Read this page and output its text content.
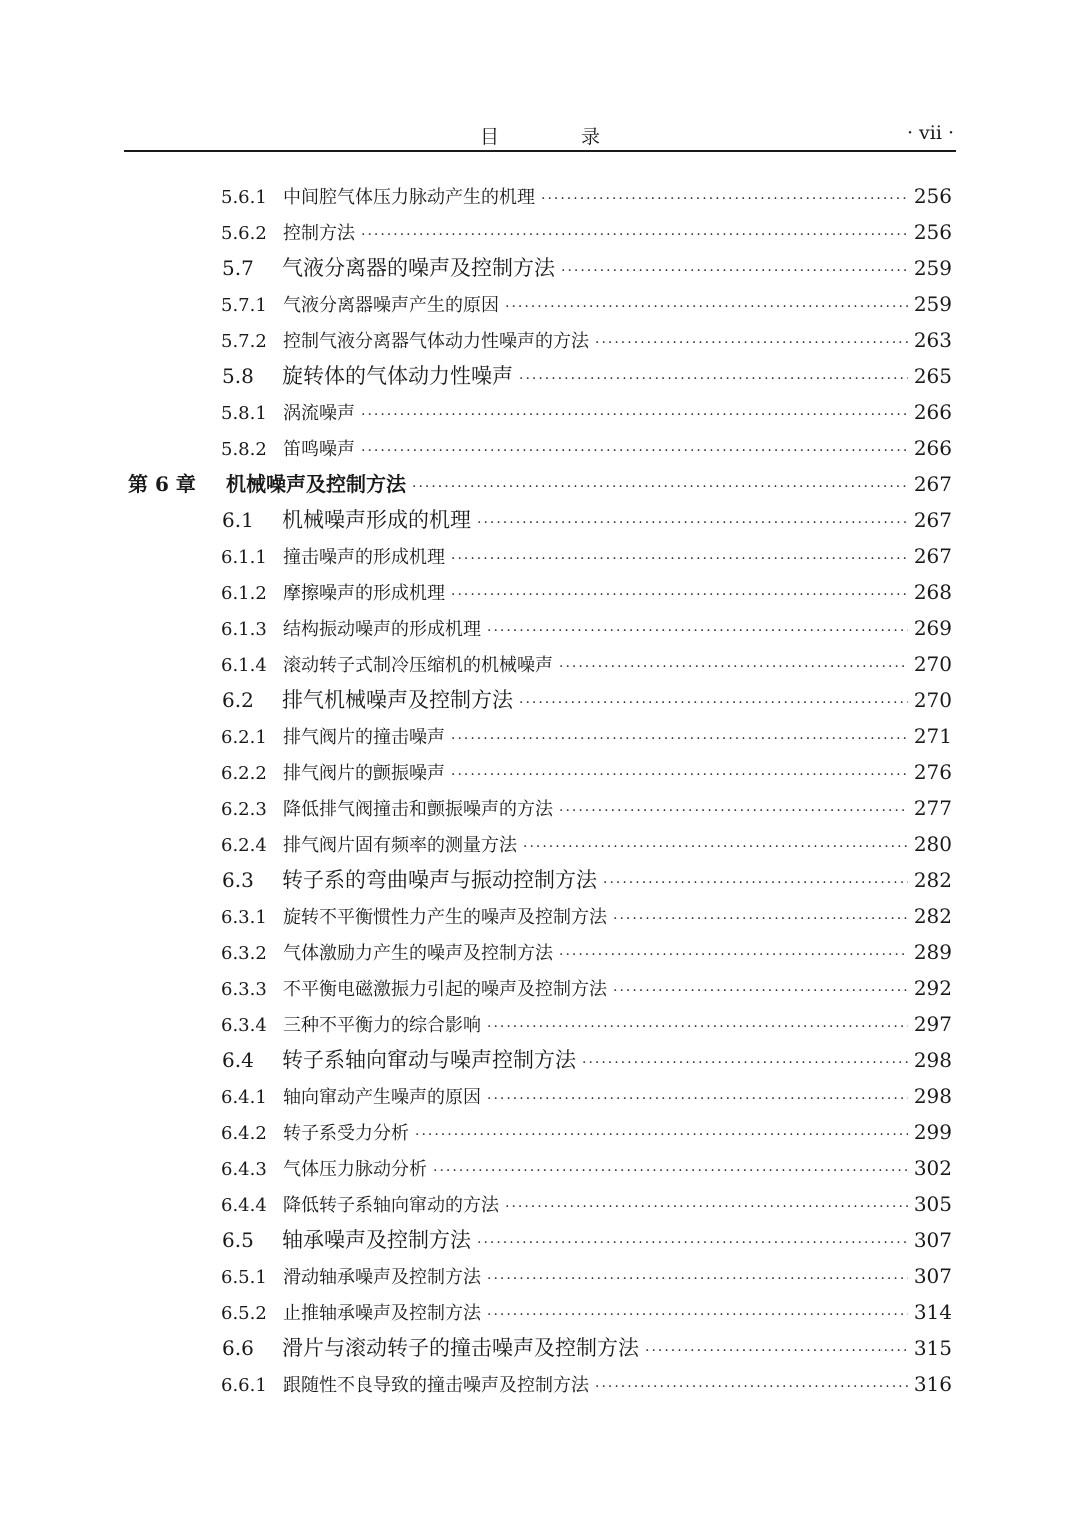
目 录	· vii ·
5.6.1 中间腔气体压力脉动产生的机理 ·····	256
5.6.2 控制方法 ·····	256
5.7	气液分离器的噪声及控制方法 ·····	259
5.7.1 气液分离器噪声产生的原因 ·····	259
5.7.2 控制气液分离器气体动力性噪声的方法 ·····	263
5.8	旋转体的气体动力性噪声 ·····	265
5.8.1 涡流噪声 ·····	266
5.8.2 笛鸣噪声 ·····	266
第 6 章	机械噪声及控制方法 ·····	267
6.1	机械噪声形成的机理 ·····	267
6.1.1 撞击噪声的形成机理 ·····	267
6.1.2 摩擦噪声的形成机理 ·····	268
6.1.3 结构振动噪声的形成机理 ·····	269
6.1.4 滚动转子式制冷压缩机的机械噪声 ·····	270
6.2	排气机械噪声及控制方法 ·····	270
6.2.1 排气阀片的撞击噪声 ·····	271
6.2.2 排气阀片的颤振噪声 ·····	276
6.2.3 降低排气阀撞击和颤振噪声的方法 ·····	277
6.2.4 排气阀片固有频率的测量方法 ·····	280
6.3	转子系的弯曲噪声与振动控制方法 ·····	282
6.3.1 旋转不平衡惯性力产生的噪声及控制方法 ·····	282
6.3.2 气体激励力产生的噪声及控制方法 ·····	289
6.3.3 不平衡电磁激振力引起的噪声及控制方法 ·····	292
6.3.4 三种不平衡力的综合影响 ·····	297
6.4	转子系轴向窜动与噪声控制方法 ·····	298
6.4.1 轴向窜动产生噪声的原因 ·····	298
6.4.2 转子系受力分析 ·····	299
6.4.3 气体压力脉动分析 ·····	302
6.4.4 降低转子系轴向窜动的方法 ·····	305
6.5	轴承噪声及控制方法 ·····	307
6.5.1 滑动轴承噪声及控制方法 ·····	307
6.5.2 止推轴承噪声及控制方法 ·····	314
6.6	滑片与滚动转子的撞击噪声及控制方法 ·····	315
6.6.1 跟随性不良导致的撞击噪声及控制方法 ·····	316
